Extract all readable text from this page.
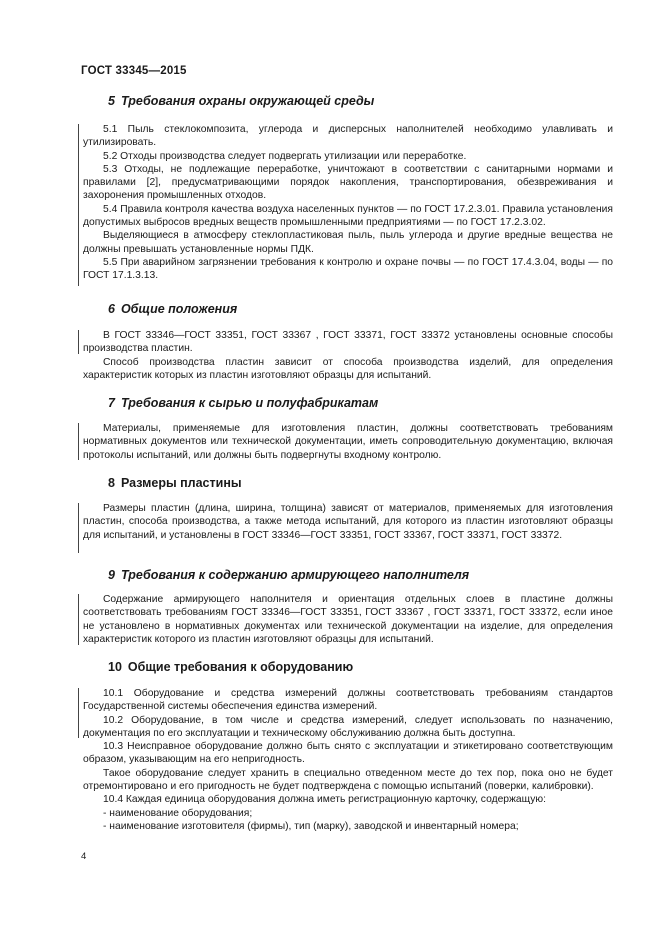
ГОСТ 33345—2015
5 Требования охраны окружающей среды

5.1 Пыль стеклокомпозита, углерода и дисперсных наполнителей необходимо улавливать и утилизировать.

5.2 Отходы производства следует подвергать утилизации или переработке.

5.3 Отходы, не подлежащие переработке, уничтожают в соответствии с санитарными нормами и правилами [2], предусматривающими порядок накопления, транспортирования, обезвреживания и захоронения промышленных отходов.

5.4 Правила контроля качества воздуха населенных пунктов — по ГОСТ 17.2.3.01. Правила установления допустимых выбросов вредных веществ промышленными предприятиями — по ГОСТ 17.2.3.02.

Выделяющиеся в атмосферу стеклопластиковая пыль, пыль углерода и другие вредные вещества не должны превышать установленные нормы ПДК.

5.5 При аварийном загрязнении требования к контролю и охране почвы — по ГОСТ 17.4.3.04, воды — по ГОСТ 17.1.3.13.

6 Общие положения

В ГОСТ 33346—ГОСТ 33351, ГОСТ 33367 , ГОСТ 33371, ГОСТ 33372 установлены основные способы производства пластин.

Способ производства пластин зависит от способа производства изделий, для определения характеристик которых из пластин изготовляют образцы для испытаний.

7 Требования к сырью и полуфабрикатам

Материалы, применяемые для изготовления пластин, должны соответствовать требованиям нормативных документов или технической документации, иметь сопроводительную документацию, включая протоколы испытаний, или должны быть подвергнуты входному контролю.

8 Размеры пластины

Размеры пластин (длина, ширина, толщина) зависят от материалов, применяемых для изготовления пластин, способа производства, а также метода испытаний, для которого из пластин изготовляют образцы для испытаний, и установлены в ГОСТ 33346—ГОСТ 33351, ГОСТ 33367, ГОСТ 33371, ГОСТ 33372.

9 Требования к содержанию армирующего наполнителя

Содержание армирующего наполнителя и ориентация отдельных слоев в пластине должны соответствовать требованиям ГОСТ 33346—ГОСТ 33351, ГОСТ 33367 , ГОСТ 33371, ГОСТ 33372, если иное не установлено в нормативных документах или технической документации на изделие, для определения характеристик которого из пластин изготовляют образцы для испытаний.

10 Общие требования к оборудованию

10.1 Оборудование и средства измерений должны соответствовать требованиям стандартов Государственной системы обеспечения единства измерений.

10.2 Оборудование, в том числе и средства измерений, следует использовать по назначению, документация по его эксплуатации и техническому обслуживанию должна быть доступна.

10.3 Неисправное оборудование должно быть снято с эксплуатации и этикетировано соответствующим образом, указывающим на его непригодность.

Такое оборудование следует хранить в специально отведенном месте до тех пор, пока оно не будет отремонтировано и его пригодность не будет подтверждена с помощью испытаний (поверки, калибровки).

10.4 Каждая единица оборудования должна иметь регистрационную карточку, содержащую:

- наименование оборудования;

- наименование изготовителя (фирмы), тип (марку), заводской и инвентарный номера;

4
